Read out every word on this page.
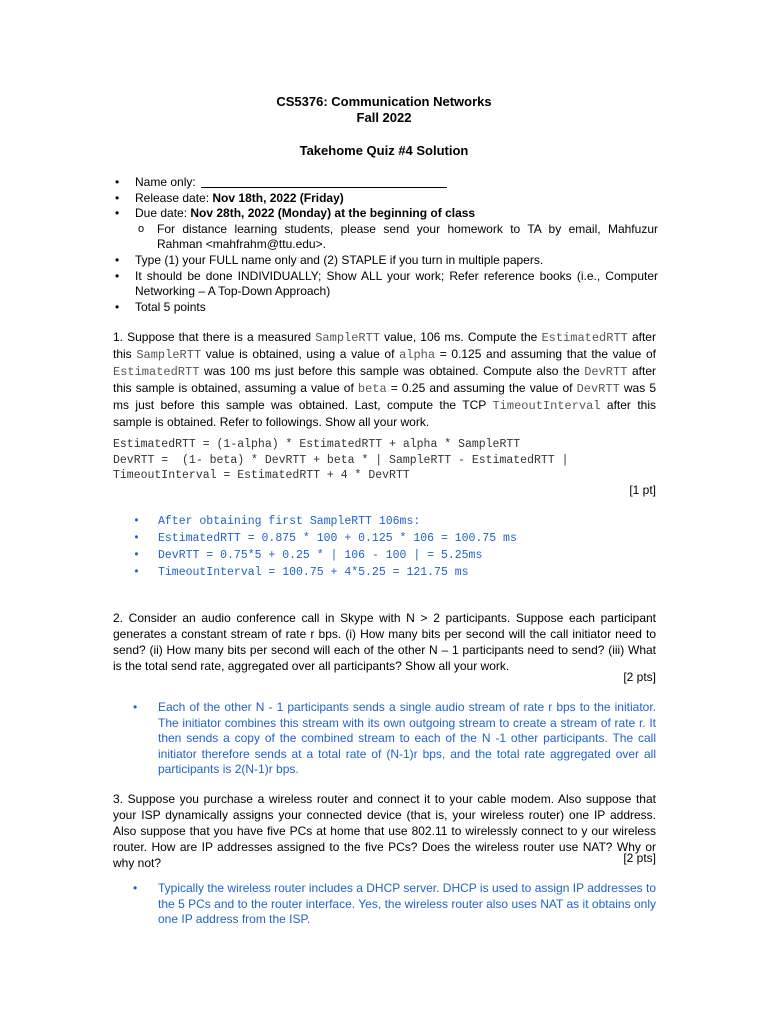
CS5376: Communication Networks
Fall 2022
Takehome Quiz #4 Solution
• Name only:
• Release date: Nov 18th, 2022 (Friday)
• Due date: Nov 28th, 2022 (Monday) at the beginning of class
o For distance learning students, please send your homework to TA by email, Mahfuzur Rahman <mahfrahm@ttu.edu>.
• Type (1) your FULL name only and (2) STAPLE if you turn in multiple papers.
• It should be done INDIVIDUALLY; Show ALL your work; Refer reference books (i.e., Computer Networking – A Top-Down Approach)
• Total 5 points
1. Suppose that there is a measured SampleRTT value, 106 ms. Compute the EstimatedRTT after this SampleRTT value is obtained, using a value of alpha = 0.125 and assuming that the value of EstimatedRTT was 100 ms just before this sample was obtained. Compute also the DevRTT after this sample is obtained, assuming a value of beta = 0.25 and assuming the value of DevRTT was 5 ms just before this sample was obtained. Last, compute the TCP TimeoutInterval after this sample is obtained. Refer to followings. Show all your work.
EstimatedRTT = (1-alpha) * EstimatedRTT + alpha * SampleRTT
DevRTT =  (1- beta) * DevRTT + beta * | SampleRTT - EstimatedRTT |
TimeoutInterval = EstimatedRTT + 4 * DevRTT
[1 pt]
• After obtaining first SampleRTT 106ms:
• EstimatedRTT = 0.875 * 100 + 0.125 * 106 = 100.75 ms
• DevRTT = 0.75*5 + 0.25 * | 106 - 100 | = 5.25ms
• TimeoutInterval = 100.75 + 4*5.25 = 121.75 ms
2. Consider an audio conference call in Skype with N > 2 participants. Suppose each participant generates a constant stream of rate r bps. (i) How many bits per second will the call initiator need to send? (ii) How many bits per second will each of the other N – 1 participants need to send? (iii) What is the total send rate, aggregated over all participants? Show all your work.
[2 pts]
• Each of the other N - 1 participants sends a single audio stream of rate r bps to the initiator. The initiator combines this stream with its own outgoing stream to create a stream of rate r. It then sends a copy of the combined stream to each of the N -1 other participants. The call initiator therefore sends at a total rate of (N-1)r bps, and the total rate aggregated over all participants is 2(N-1)r bps.
3. Suppose you purchase a wireless router and connect it to your cable modem. Also suppose that your ISP dynamically assigns your connected device (that is, your wireless router) one IP address. Also suppose that you have five PCs at home that use 802.11 to wirelessly connect to y our wireless router. How are IP addresses assigned to the five PCs? Does the wireless router use NAT? Why or why not?	[2 pts]
• Typically the wireless router includes a DHCP server. DHCP is used to assign IP addresses to the 5 PCs and to the router interface. Yes, the wireless router also uses NAT as it obtains only one IP address from the ISP.
